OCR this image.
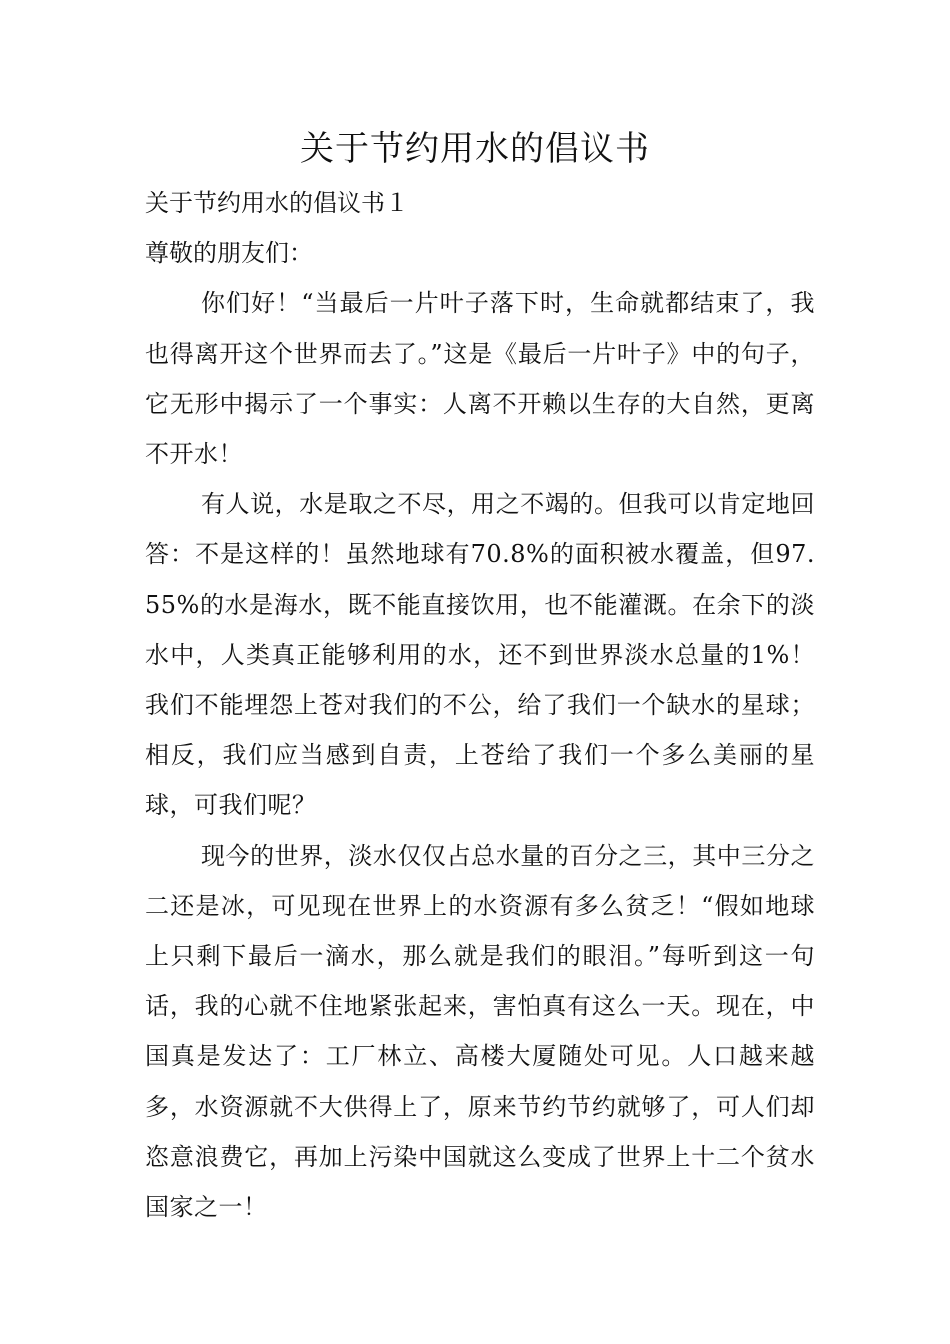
关于节约用水的倡议书

关于节约用水的倡议书１

尊敬的朋友们：

你们好！“当最后一片叶子落下时，生命就都结束了，我也得离开这个世界而去了。”这是《最后一片叶子》中的句子，它无形中揭示了一个事实：人离不开赖以生存的大自然，更离不开水！

有人说，水是取之不尽，用之不竭的。但我可以肯定地回答：不是这样的！虽然地球有70.8%的面积被水覆盖，但97.55%的水是海水，既不能直接饮用，也不能灌溉。在余下的淡水中，人类真正能够利用的水，还不到世界淡水总量的1%！我们不能埋怨上苍对我们的不公，给了我们一个缺水的星球；相反，我们应当感到自责，上苍给了我们一个多么美丽的星球，可我们呢？

现今的世界，淡水仅仅占总水量的百分之三，其中三分之二还是冰，可见现在世界上的水资源有多么贫乏！“假如地球上只剩下最后一滴水，那么就是我们的眼泪。”每听到这一句话，我的心就不住地紧张起来，害怕真有这么一天。现在，中国真是发达了：工厂林立、高楼大厦随处可见。人口越来越多，水资源就不大供得上了，原来节约节约就够了，可人们却恣意浪费它，再加上污染中国就这么变成了世界上十二个贫水国家之一！
